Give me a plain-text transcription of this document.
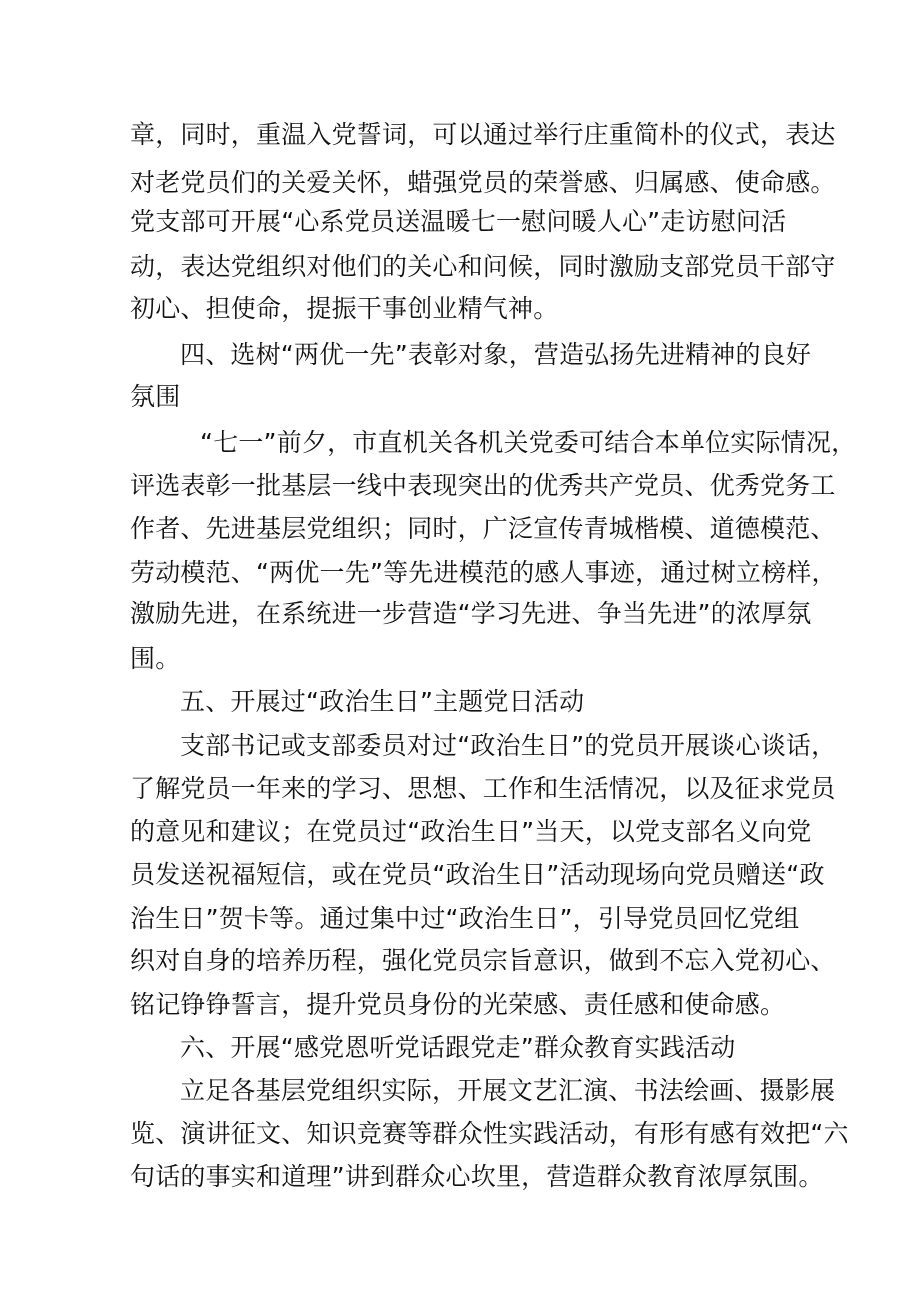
章，同时，重温入党誓词，可以通过举行庄重简朴的仪式，表达
对老党员们的关爱关怀，蜡强党员的荣誉感、归属感、使命感。
党支部可开展“心系党员送温暖七一慰问暖人心”走访慰问活
动，表达党组织对他们的关心和问候，同时激励支部党员干部守
初心、担使命，提振干事创业精气神。
四、选树“两优一先”表彰对象，营造弘扬先进精神的良好
氛围
“七一”前夕，市直机关各机关党委可结合本单位实际情况，
评选表彰一批基层一线中表现突出的优秀共产党员、优秀党务工
作者、先进基层党组织；同时，广泛宣传青城楷模、道德模范、
劳动模范、“两优一先”等先进模范的感人事迹，通过树立榜样，
激励先进，在系统进一步营造“学习先进、争当先进”的浓厚氛
围。
五、开展过“政治生日”主题党日活动
支部书记或支部委员对过“政治生日”的党员开展谈心谈话，
了解党员一年来的学习、思想、工作和生活情况，以及征求党员
的意见和建议；在党员过“政治生日”当天，以党支部名义向党
员发送祝福短信，或在党员“政治生日”活动现场向党员赠送“政
治生日”贺卡等。通过集中过“政治生日”，引导党员回忆党组
织对自身的培养历程，强化党员宗旨意识，做到不忘入党初心、
铭记铮铮誓言，提升党员身份的光荣感、责任感和使命感。
六、开展“感党恩听党话跟党走”群众教育实践活动
立足各基层党组织实际，开展文艺汇演、书法绘画、摄影展
览、演讲征文、知识竞赛等群众性实践活动，有形有感有效把“六
句话的事实和道理”讲到群众心坎里，营造群众教育浓厚氛围。
